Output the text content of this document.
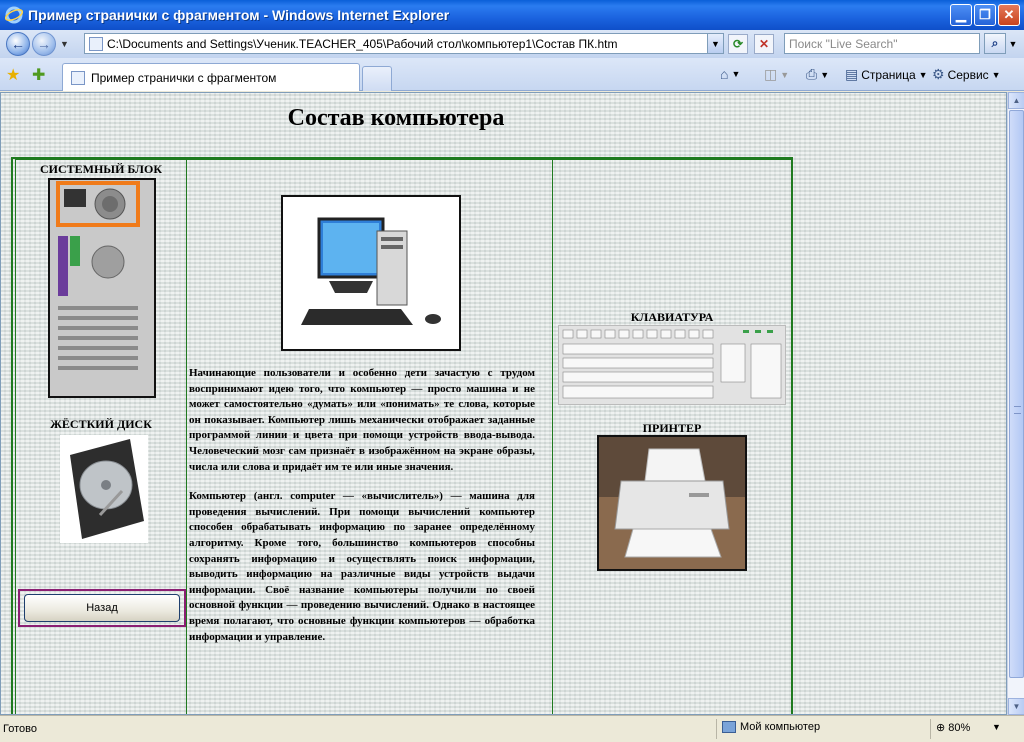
Пример странички с фрагментом - Windows Internet Explorer	▁ ❐ ✕
← → ▼	C:\Documents and Settings\Ученик.TEACHER_405\Рабочий стол\компьютер1\Состав ПК.htm	▼ ⟳ ✕	Поиск "Live Search"	⌕ ▼
★ ✚	Пример странички с фрагментом	⌂ ▼ ◫ ▼ ⎙ ▼ ▤ Страница ▼ ⚙ Сервис ▼
Состав компьютера
СИСТЕМНЫЙ БЛОК
ЖЁСТКИЙ ДИСК
Назад

Начинающие пользователи и особенно дети зачастую с трудом воспринимают идею того, что компьютер — просто машина и не может самостоятельно «думать» или «понимать» те слова, которые он показывает. Компьютер лишь механически отображает заданные программой линии и цвета при помощи устройств ввода-вывода. Человеческий мозг сам признаёт в изображённом на экране образы, числа или слова и придаёт им те или иные значения.

Компьютер (англ. computer — «вычислитель») — машина для проведения вычислений. При помощи вычислений компьютер способен обрабатывать информацию по заранее определённому алгоритму. Кроме того, большинство компьютеров способны сохранять информацию и осуществлять поиск информации, выводить информацию на различные виды устройств выдачи информации. Своё название компьютеры получили по своей основной функции — проведению вычислений. Однако в настоящее время полагают, что основные функции компьютеров — обработка информации и управление.

КЛАВИАТУРА
ПРИНТЕР
▲
▼
Готово	Мой компьютер	⊕ 80% ▼
